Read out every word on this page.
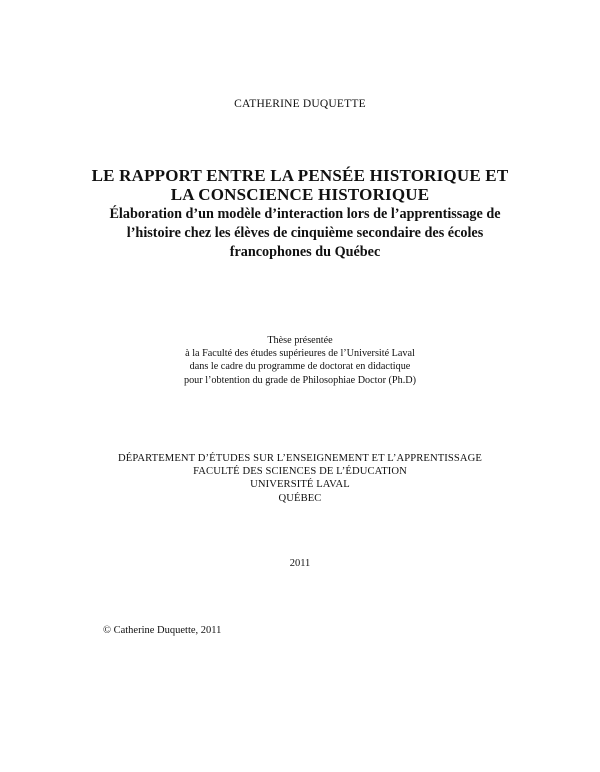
CATHERINE DUQUETTE
LE RAPPORT ENTRE LA PENSÉE HISTORIQUE ET
LA CONSCIENCE HISTORIQUE
Élaboration d’un modèle d’interaction lors de l’apprentissage de
l’histoire chez les élèves de cinquième secondaire des écoles
francophones du Québec
Thèse présentée
à la Faculté des études supérieures de l’Université Laval
dans le cadre du programme de doctorat en didactique
pour l’obtention du grade de Philosophiae Doctor (Ph.D)
DÉPARTEMENT D’ÉTUDES SUR L’ENSEIGNEMENT ET L’APPRENTISSAGE
FACULTÉ DES SCIENCES DE L’ÉDUCATION
UNIVERSITÉ LAVAL
QUÉBEC
2011
© Catherine Duquette, 2011
